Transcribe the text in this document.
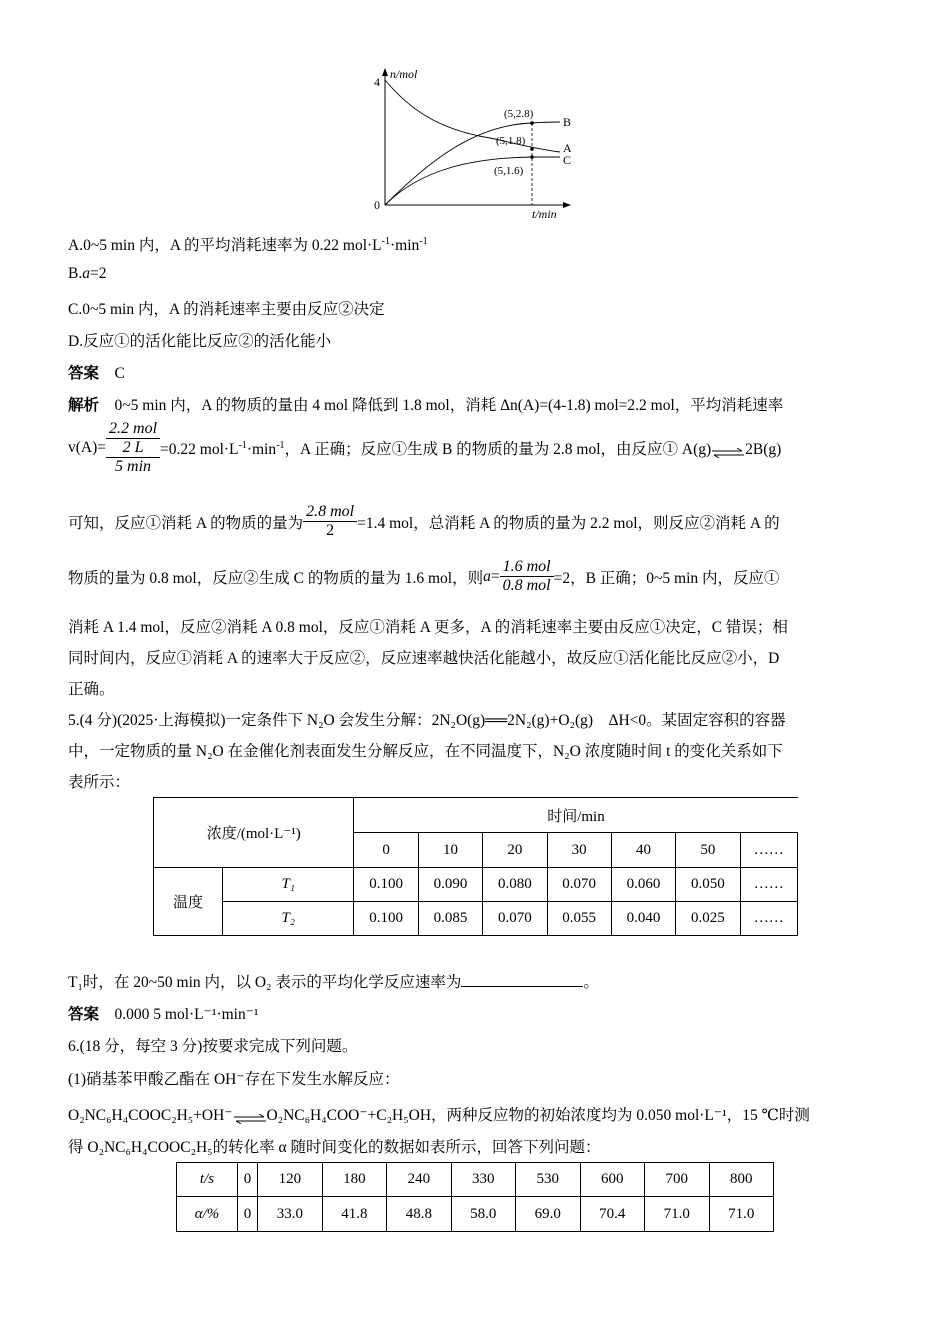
4
0
n/mol
t/min
(5,2.8)
(5,1.8)
(5,1.6)
B
A
C
A.0~5 min 内，A 的平均消耗速率为 0.22 $mol\cdot L^{-1}\cdot\min^{-1}$
B.a=2
C.0~5 min 内，A 的消耗速率主要由反应②决定
D.反应①的活化能比反应②的活化能小
答案 C
解析 0~5 min 内，A 的物质的量由 4 mol 降低到 1.8 mol，消耗 Δn(A)=(4-1.8) mol=2.2 mol，平均消耗速率
v(A)=
2.2 mol
2 L
5 min
=0.22 $mol\cdot L^{-1}\cdot\min^{-1}$，A 正确；反应①生成 B 的物质的量为 2.8 mol，由反应① A(g)⇌2B(g)
可知，反应①消耗 A 的物质的量为 $\frac{\text{2.8 mol}}{2} =1.4$ mol，总消耗 A 的物质的量为 2.2 mol，则反应②消耗 A 的
物质的量为 0.8 mol，反应②生成 C 的物质的量为 1.6 mol，则$a= \frac{\text{1.6 mol}}{\text{0.8 mol}} =2$，B 正确；0~5 min 内，反应①
消耗 A 1.4 mol，反应②消耗 A 0.8 mol，反应①消耗 A 更多，A 的消耗速率主要由反应①决定，C 错误；相
同时间内，反应①消耗 A 的速率大于反应②，反应速率越快活化能越小，故反应①活化能比反应②小，D
正确。
5.(4 分)(2025·上海模拟)一定条件下 N₂O 会发生分解：2N₂O(g)══2N₂(g)+O₂(g)　ΔH<0。某固定容积的容器
中，一定物质的量 N₂O 在金催化剂表面发生分解反应，在不同温度下，N₂O 浓度随时间 t 的变化关系如下
表所示：
浓度/(mol·L⁻¹)		时间/min						
		0	10	20	30	40	50	……
温度	T₁	0.100	0.090	0.080	0.070	0.060	0.050	……
	T₂	0.100	0.085	0.070	0.055	0.040	0.025	……
T₁时，在 20~50 min 内，以 O₂ 表示的平均化学反应速率为	。
答案 0.000 5 mol·L⁻¹·min⁻¹
6.(18 分，每空 3 分)按要求完成下列问题。
(1)硝基苯甲酸乙酯在 OH⁻存在下发生水解反应：
O₂NC₆H₄COOC₂H₅+OH⁻⇌O₂NC₆H₄COO⁻+C₂H₅OH，两种反应物的初始浓度均为 0.050 mol·L⁻¹，15 ℃时测
得 O₂NC₆H₄COOC₂H₅的转化率 α 随时间变化的数据如表所示，回答下列问题：
t/s	0	120	180	240	330	530	600	700	800
α/%	0	33.0	41.8	48.8	58.0	69.0	70.4	71.0	71.0
